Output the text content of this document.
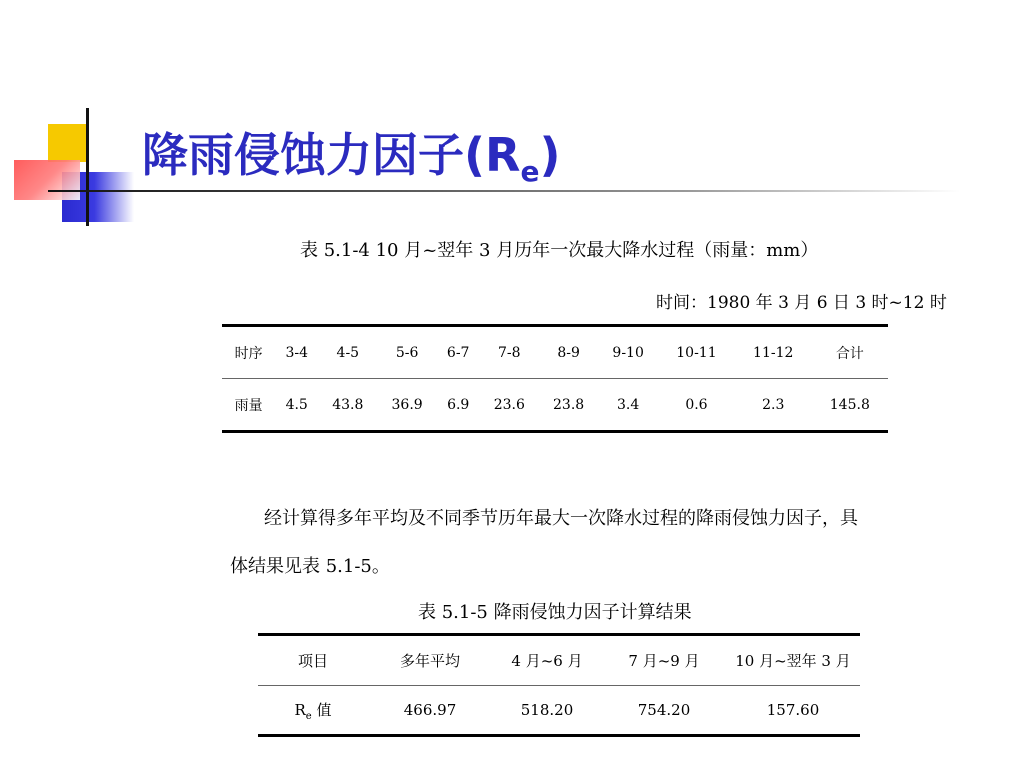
降雨侵蚀力因子$(R_e)$
表 5.1-4 10 月~翌年 3 月历年一次最大降水过程（雨量：mm）
时间：1980 年 3 月 6 日 3 时~12 时
时序	3-4	4-5	5-6	6-7	7-8	8-9	9-10	10-11	11-12	合计
雨量	4.5	43.8	36.9	6.9	23.6	23.8	3.4	0.6	2.3	145.8
经计算得多年平均及不同季节历年最大一次降水过程的降雨侵蚀力因子，具
体结果见表 5.1-5。
表 5.1-5 降雨侵蚀力因子计算结果
项目	多年平均	4 月~6 月	7 月~9 月	10 月~翌年 3 月
$R_e$ 值	466.97	518.20	754.20	157.60
